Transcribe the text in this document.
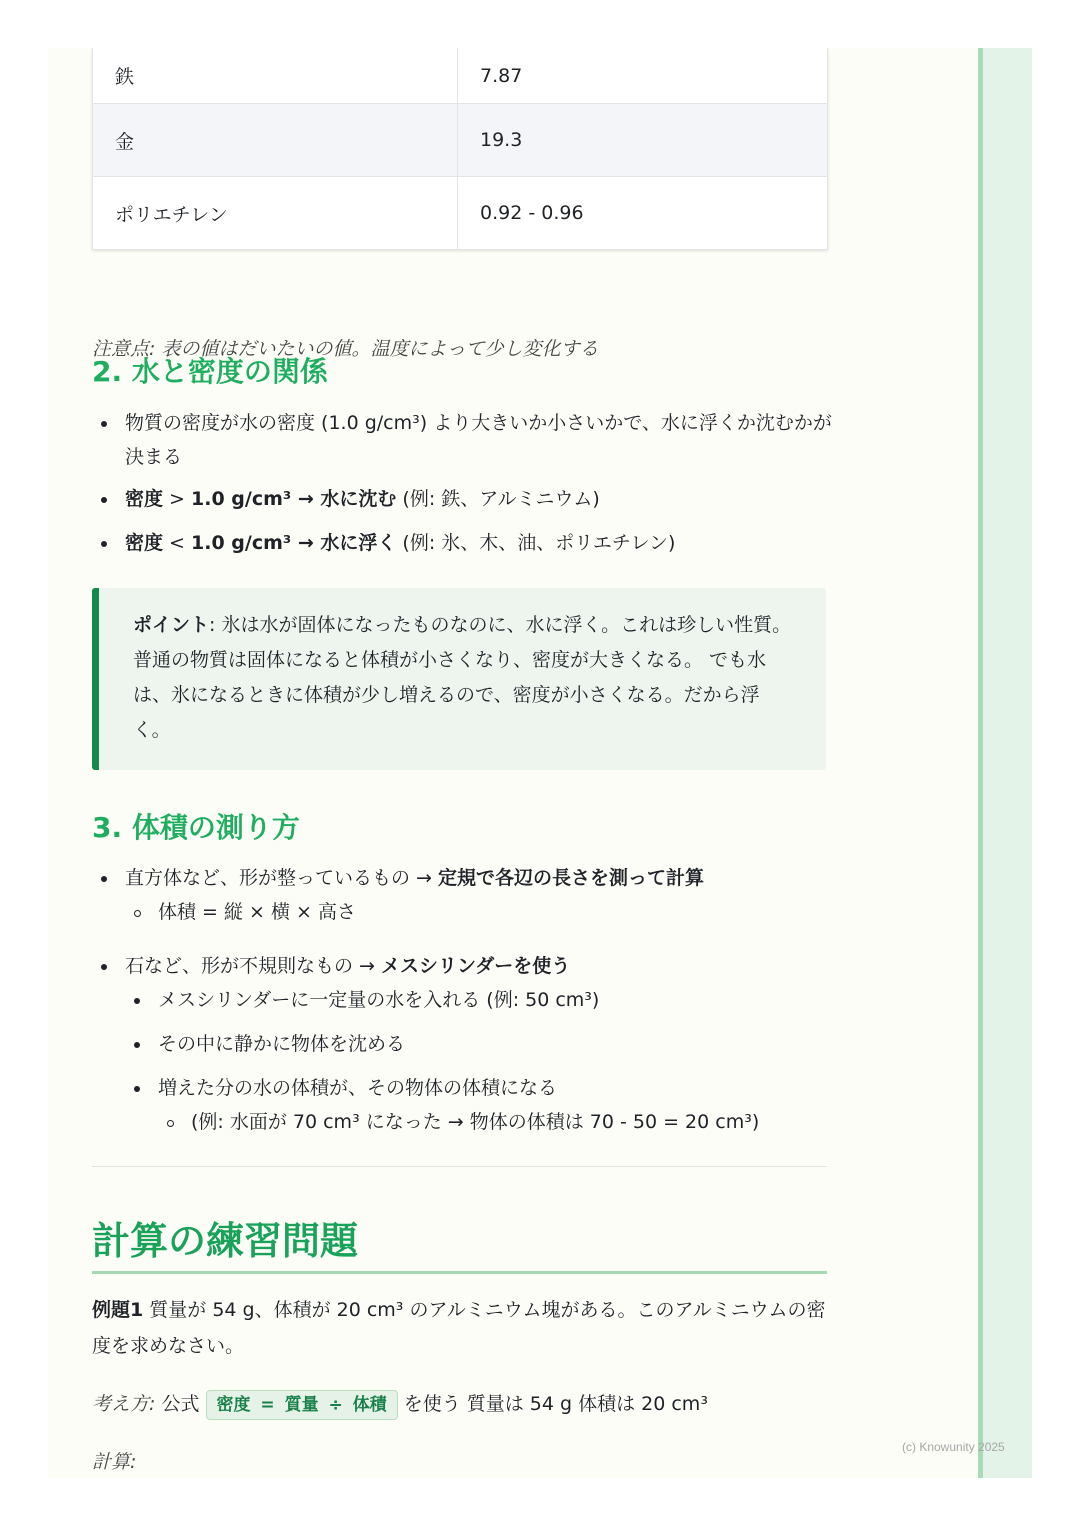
鉄	7.87
金	19.3
ポリエチレン	0.92 - 0.96
注意点: 表の値はだいたいの値。温度によって少し変化する
2. 水と密度の関係
物質の密度が水の密度 (1.0 g/cm³) より大きいか小さいかで、水に浮くか沈むかが決まる
密度 > 1.0 g/cm³ → 水に沈む (例: 鉄、アルミニウム)
密度 < 1.0 g/cm³ → 水に浮く (例: 氷、木、油、ポリエチレン)
ポイント: 氷は水が固体になったものなのに、水に浮く。これは珍しい性質。 普通の物質は固体になると体積が小さくなり、密度が大きくなる。 でも水は、氷になるときに体積が少し増えるので、密度が小さくなる。だから浮く。
3. 体積の測り方
直方体など、形が整っているもの → 定規で各辺の長さを測って計算
体積 = 縦 × 横 × 高さ
石など、形が不規則なもの → メスシリンダーを使う
メスシリンダーに一定量の水を入れる (例: 50 cm³)
その中に静かに物体を沈める
増えた分の水の体積が、その物体の体積になる
(例: 水面が 70 cm³ になった → 物体の体積は 70 - 50 = 20 cm³)
計算の練習問題
例題1 質量が 54 g、体積が 20 cm³ のアルミニウム塊がある。このアルミニウムの密度を求めなさい。
考え方: 公式 密度 = 質量 ÷ 体積 を使う 質量は 54 g 体積は 20 cm³
計算:
(c) Knowunity 2025
